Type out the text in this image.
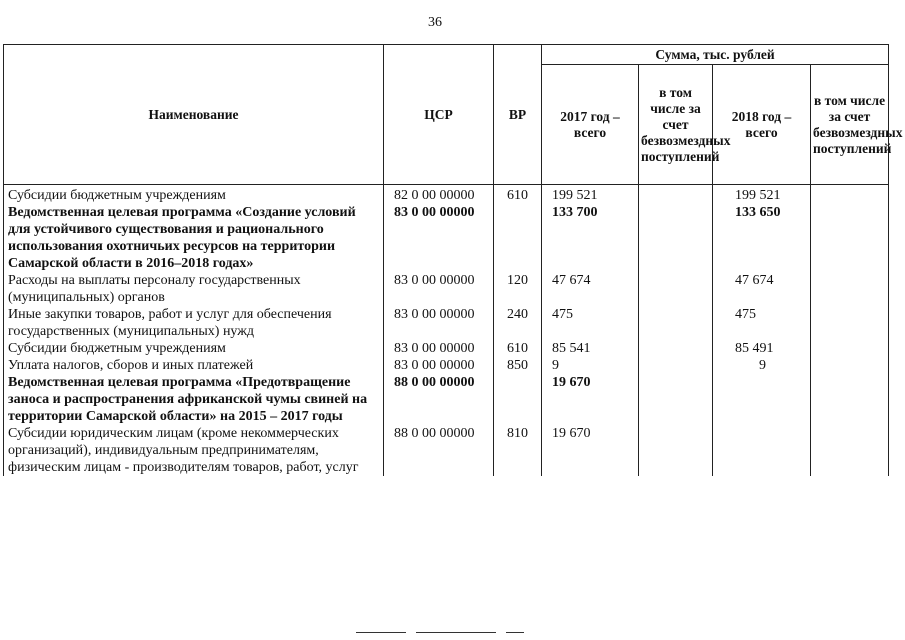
36
Наименование	ЦСР	ВР	Сумма, тыс. рублей			
			2017 год – всего	в том числе за счет безвозмездных поступлений	2018 год – всего	в том числе за счет безвозмездных поступлений
Субсидии бюджетным учреждениям	82 0 00 00000	610	199 521		199 521	
Ведомственная целевая программа «Создание условий для устойчивого существования и рационального использования охотничьих ресурсов на территории Самарской области в 2016–2018 годах»	83 0 00 00000		133 700		133 650	
Расходы на выплаты персоналу государственных (муниципальных) органов	83 0 00 00000	120	47 674		47 674	
Иные закупки товаров, работ и услуг для обеспечения государственных (муниципальных) нужд	83 0 00 00000	240	475		475	
Субсидии бюджетным учреждениям	83 0 00 00000	610	85 541		85 491	
Уплата налогов, сборов и иных платежей	83 0 00 00000	850	9		9	
Ведомственная целевая программа «Предотвращение заноса и распространения африканской чумы свиней на территории Самарской области» на 2015 – 2017 годы	88 0 00 00000		19 670			
Субсидии юридическим лицам (кроме некоммерческих организаций), индивидуальным предпринимателям, физическим лицам - производителям товаров, работ, услуг	88 0 00 00000	810	19 670			
